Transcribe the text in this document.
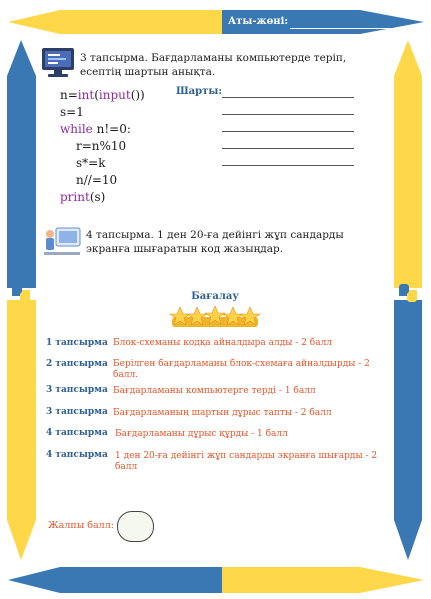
Аты-жөні:
3 тапсырма. Бағдарламаны компьютерде теріп, есептің шартын анықта.
n=int(input())
s=1
while n!=0:
r=n%10
s*=k
n//=10
print(s)
Шарты:
4 тапсырма. 1 ден 20-ға дейінгі жұп сандарды экранға шығаратын код жазыңдар.
Бағалау
1 тапсырма Блок-схеманы кодқа айналдыра алды - 2 балл
2 тапсырма Берілген бағдарламаны блок-схемаға айналдырды - 2 балл.
3 тапсырма Бағдарламаны компьютерге терді - 1 балл
3 тапсырма Бағдарламаның шартын дұрыс тапты - 2 балл
4 тапсырма Бағдарламаны дұрыс құрды - 1 балл
4 тапсырма 1 ден 20-ға дейінгі жұп сандарды экранға шығарды - 2 балл
Жалпы балл:
